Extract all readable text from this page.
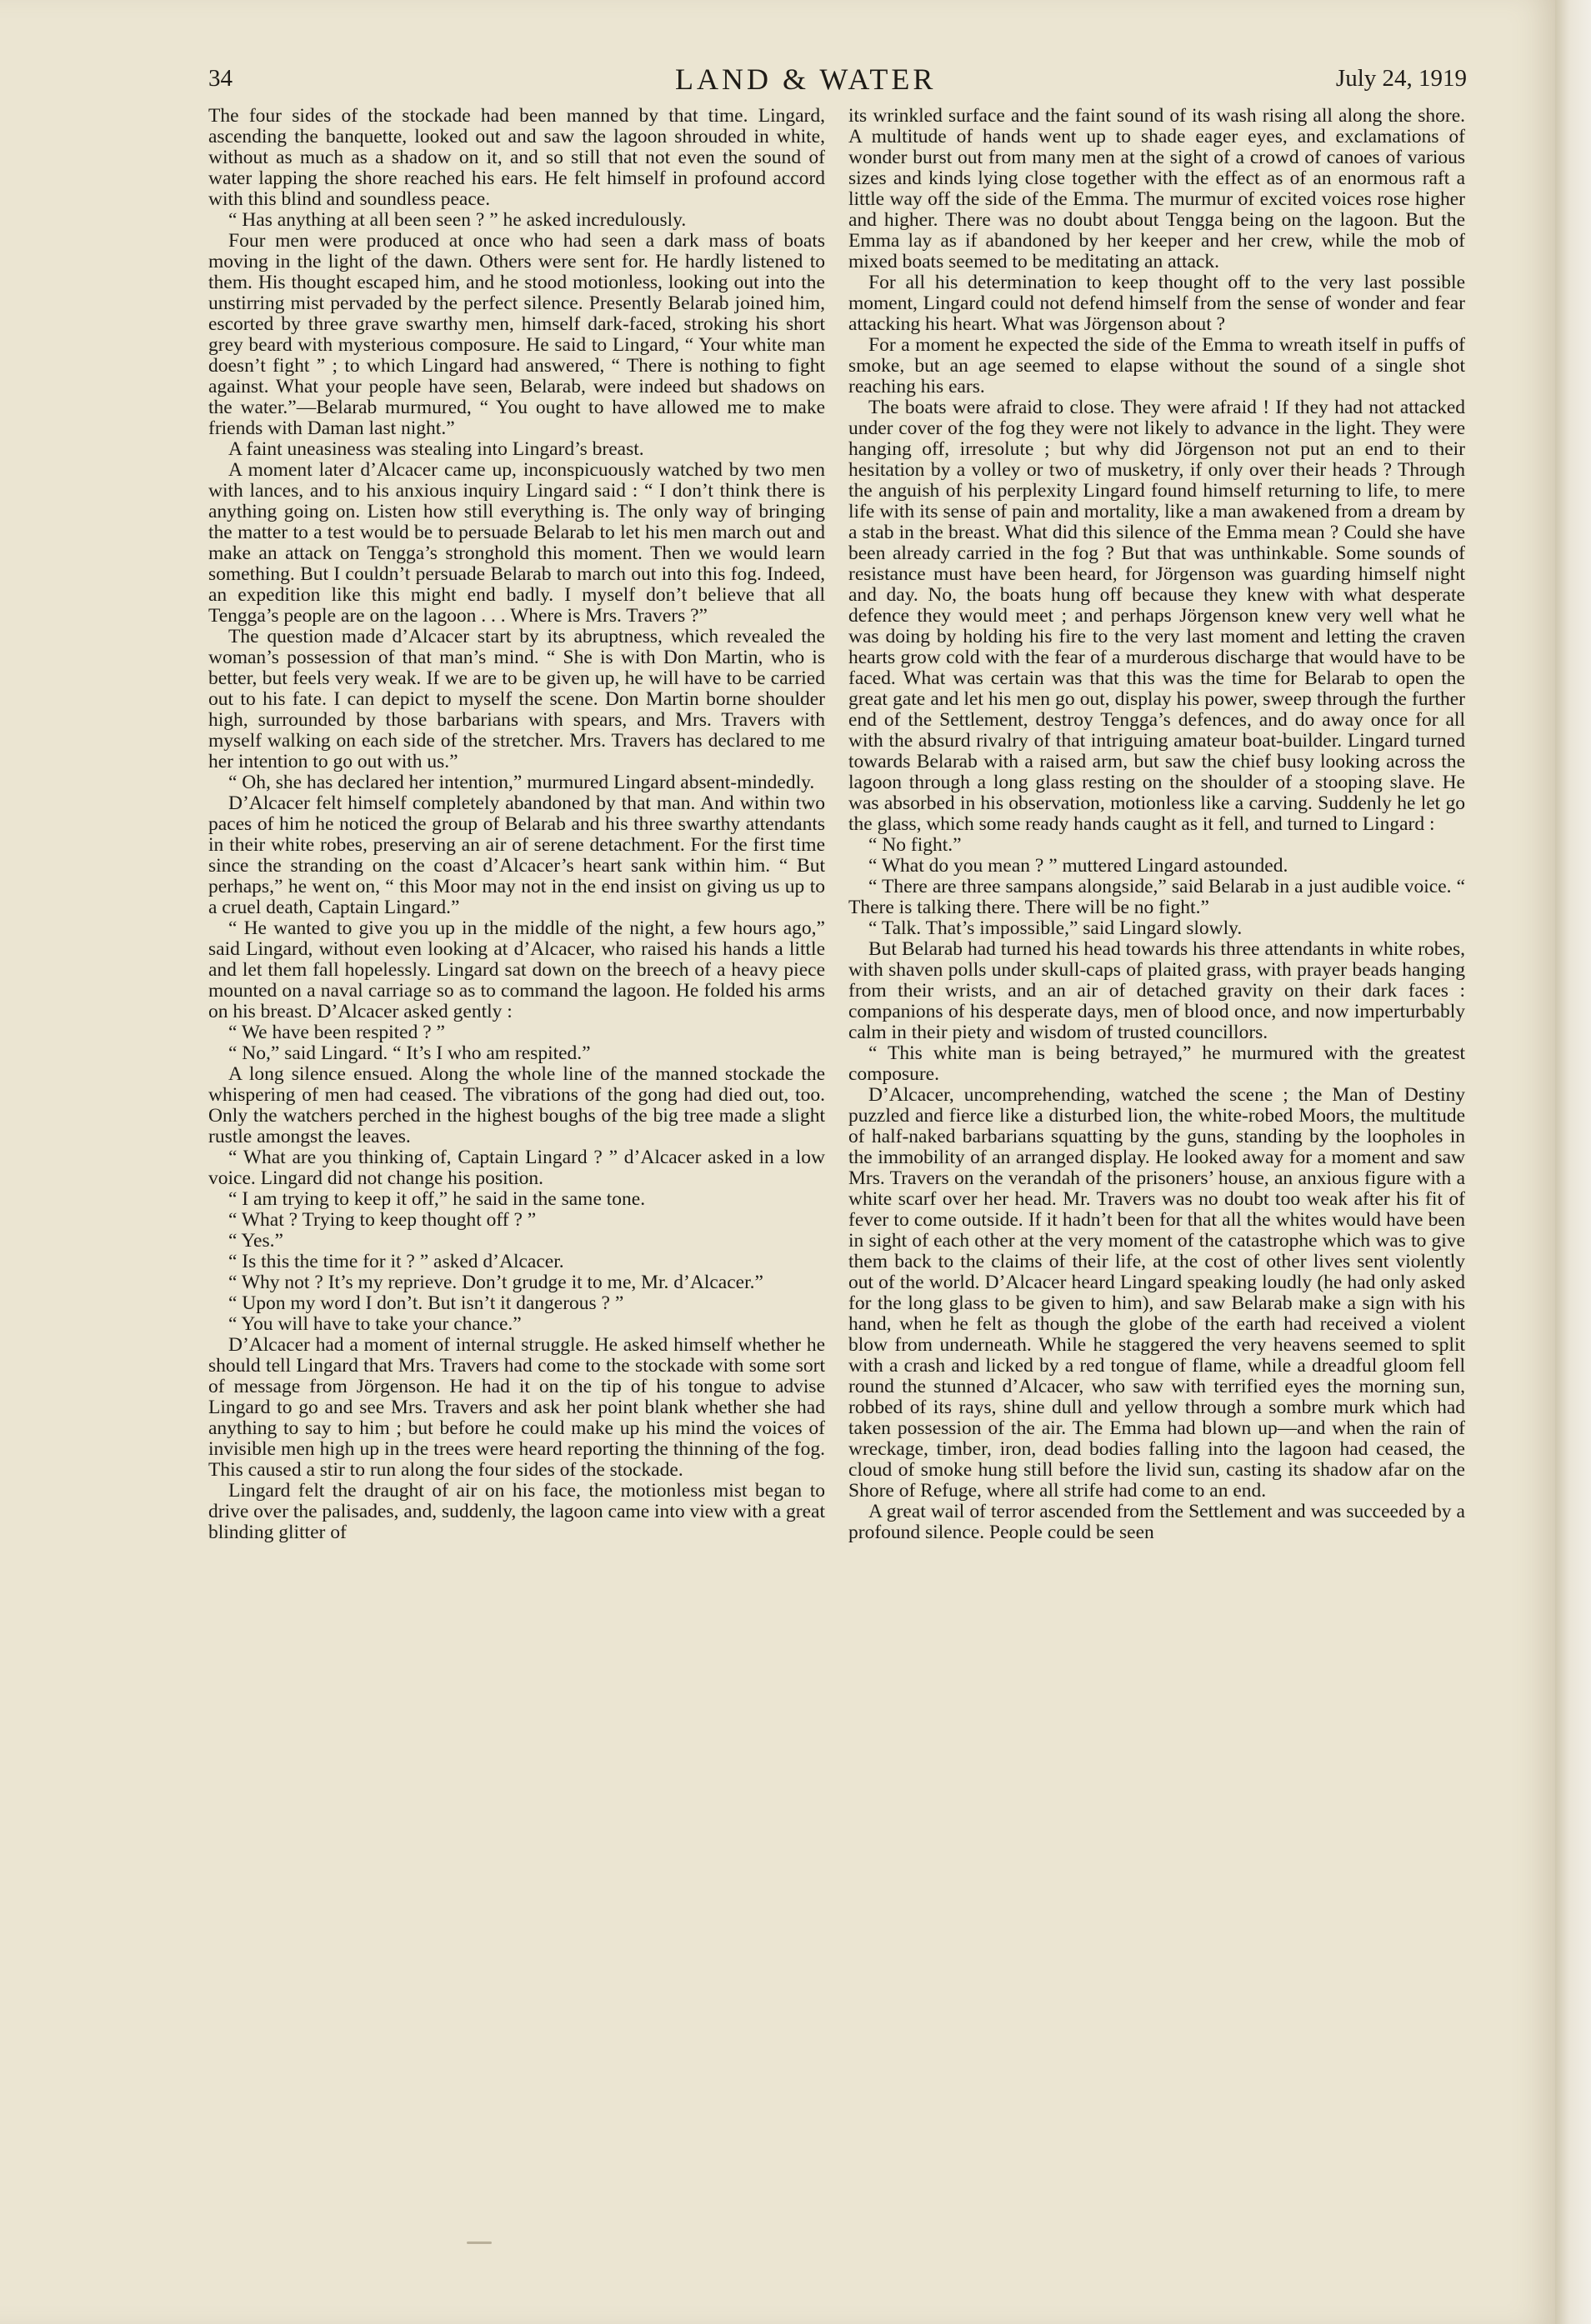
34	LAND & WATER	July 24, 1919

The four sides of the stockade had been manned by that time. Lingard, ascending the banquette, looked out and saw the lagoon shrouded in white, without as much as a shadow on it, and so still that not even the sound of water lapping the shore reached his ears. He felt himself in profound accord with this blind and soundless peace.

“ Has anything at all been seen ? ” he asked incredulously.

Four men were produced at once who had seen a dark mass of boats moving in the light of the dawn. Others were sent for. He hardly listened to them. His thought escaped him, and he stood motionless, looking out into the unstirring mist pervaded by the perfect silence. Presently Belarab joined him, escorted by three grave swarthy men, himself dark-faced, stroking his short grey beard with mysterious composure. He said to Lingard, “ Your white man doesn’t fight ” ; to which Lingard had answered, “ There is nothing to fight against. What your people have seen, Belarab, were indeed but shadows on the water.”—Belarab murmured, “ You ought to have allowed me to make friends with Daman last night.”

A faint uneasiness was stealing into Lingard’s breast.

A moment later d’Alcacer came up, inconspicuously watched by two men with lances, and to his anxious inquiry Lingard said : “ I don’t think there is anything going on. Listen how still everything is. The only way of bringing the matter to a test would be to persuade Belarab to let his men march out and make an attack on Tengga’s stronghold this moment. Then we would learn something. But I couldn’t persuade Belarab to march out into this fog. Indeed, an expedition like this might end badly. I myself don’t believe that all Tengga’s people are on the lagoon . . . Where is Mrs. Travers ?”

The question made d’Alcacer start by its abruptness, which revealed the woman’s possession of that man’s mind. “ She is with Don Martin, who is better, but feels very weak. If we are to be given up, he will have to be carried out to his fate. I can depict to myself the scene. Don Martin borne shoulder high, surrounded by those barbarians with spears, and Mrs. Travers with myself walking on each side of the stretcher. Mrs. Travers has declared to me her intention to go out with us.”

“ Oh, she has declared her intention,” murmured Lingard absent-mindedly.

D’Alcacer felt himself completely abandoned by that man. And within two paces of him he noticed the group of Belarab and his three swarthy attendants in their white robes, preserving an air of serene detachment. For the first time since the stranding on the coast d’Alcacer’s heart sank within him. “ But perhaps,” he went on, “ this Moor may not in the end insist on giving us up to a cruel death, Captain Lingard.”

“ He wanted to give you up in the middle of the night, a few hours ago,” said Lingard, without even looking at d’Alcacer, who raised his hands a little and let them fall hopelessly. Lingard sat down on the breech of a heavy piece mounted on a naval carriage so as to command the lagoon. He folded his arms on his breast. D’Alcacer asked gently :

“ We have been respited ? ”

“ No,” said Lingard. “ It’s I who am respited.”

A long silence ensued. Along the whole line of the manned stockade the whispering of men had ceased. The vibrations of the gong had died out, too. Only the watchers perched in the highest boughs of the big tree made a slight rustle amongst the leaves.

“ What are you thinking of, Captain Lingard ? ” d’Alcacer asked in a low voice. Lingard did not change his position.

“ I am trying to keep it off,” he said in the same tone.

“ What ? Trying to keep thought off ? ”

“ Yes.”

“ Is this the time for it ? ” asked d’Alcacer.

“ Why not ? It’s my reprieve. Don’t grudge it to me, Mr. d’Alcacer.”

“ Upon my word I don’t. But isn’t it dangerous ? ”

“ You will have to take your chance.”

D’Alcacer had a moment of internal struggle. He asked himself whether he should tell Lingard that Mrs. Travers had come to the stockade with some sort of message from Jörgenson. He had it on the tip of his tongue to advise Lingard to go and see Mrs. Travers and ask her point blank whether she had anything to say to him ; but before he could make up his mind the voices of invisible men high up in the trees were heard reporting the thinning of the fog. This caused a stir to run along the four sides of the stockade.

Lingard felt the draught of air on his face, the motionless mist began to drive over the palisades, and, suddenly, the lagoon came into view with a great blinding glitter of

its wrinkled surface and the faint sound of its wash rising all along the shore. A multitude of hands went up to shade eager eyes, and exclamations of wonder burst out from many men at the sight of a crowd of canoes of various sizes and kinds lying close together with the effect as of an enormous raft a little way off the side of the Emma. The murmur of excited voices rose higher and higher. There was no doubt about Tengga being on the lagoon. But the Emma lay as if abandoned by her keeper and her crew, while the mob of mixed boats seemed to be meditating an attack.

For all his determination to keep thought off to the very last possible moment, Lingard could not defend himself from the sense of wonder and fear attacking his heart. What was Jörgenson about ?

For a moment he expected the side of the Emma to wreath itself in puffs of smoke, but an age seemed to elapse without the sound of a single shot reaching his ears.

The boats were afraid to close. They were afraid ! If they had not attacked under cover of the fog they were not likely to advance in the light. They were hanging off, irresolute ; but why did Jörgenson not put an end to their hesitation by a volley or two of musketry, if only over their heads ? Through the anguish of his perplexity Lingard found himself returning to life, to mere life with its sense of pain and mortality, like a man awakened from a dream by a stab in the breast. What did this silence of the Emma mean ? Could she have been already carried in the fog ? But that was unthinkable. Some sounds of resistance must have been heard, for Jörgenson was guarding himself night and day. No, the boats hung off because they knew with what desperate defence they would meet ; and perhaps Jörgenson knew very well what he was doing by holding his fire to the very last moment and letting the craven hearts grow cold with the fear of a murderous discharge that would have to be faced. What was certain was that this was the time for Belarab to open the great gate and let his men go out, display his power, sweep through the further end of the Settlement, destroy Tengga’s defences, and do away once for all with the absurd rivalry of that intriguing amateur boat-builder. Lingard turned towards Belarab with a raised arm, but saw the chief busy looking across the lagoon through a long glass resting on the shoulder of a stooping slave. He was absorbed in his observation, motionless like a carving. Suddenly he let go the glass, which some ready hands caught as it fell, and turned to Lingard :

“ No fight.”

“ What do you mean ? ” muttered Lingard astounded.

“ There are three sampans alongside,” said Belarab in a just audible voice. “ There is talking there. There will be no fight.”

“ Talk. That’s impossible,” said Lingard slowly.

But Belarab had turned his head towards his three attendants in white robes, with shaven polls under skull-caps of plaited grass, with prayer beads hanging from their wrists, and an air of detached gravity on their dark faces : companions of his desperate days, men of blood once, and now imperturbably calm in their piety and wisdom of trusted councillors.

“ This white man is being betrayed,” he murmured with the greatest composure.

D’Alcacer, uncomprehending, watched the scene ; the Man of Destiny puzzled and fierce like a disturbed lion, the white-robed Moors, the multitude of half-naked barbarians squatting by the guns, standing by the loopholes in the immobility of an arranged display. He looked away for a moment and saw Mrs. Travers on the verandah of the prisoners’ house, an anxious figure with a white scarf over her head. Mr. Travers was no doubt too weak after his fit of fever to come outside. If it hadn’t been for that all the whites would have been in sight of each other at the very moment of the catastrophe which was to give them back to the claims of their life, at the cost of other lives sent violently out of the world. D’Alcacer heard Lingard speaking loudly (he had only asked for the long glass to be given to him), and saw Belarab make a sign with his hand, when he felt as though the globe of the earth had received a violent blow from underneath. While he staggered the very heavens seemed to split with a crash and licked by a red tongue of flame, while a dreadful gloom fell round the stunned d’Alcacer, who saw with terrified eyes the morning sun, robbed of its rays, shine dull and yellow through a sombre murk which had taken possession of the air. The Emma had blown up—and when the rain of wreckage, timber, iron, dead bodies falling into the lagoon had ceased, the cloud of smoke hung still before the livid sun, casting its shadow afar on the Shore of Refuge, where all strife had come to an end.

A great wail of terror ascended from the Settlement and was succeeded by a profound silence. People could be seen
